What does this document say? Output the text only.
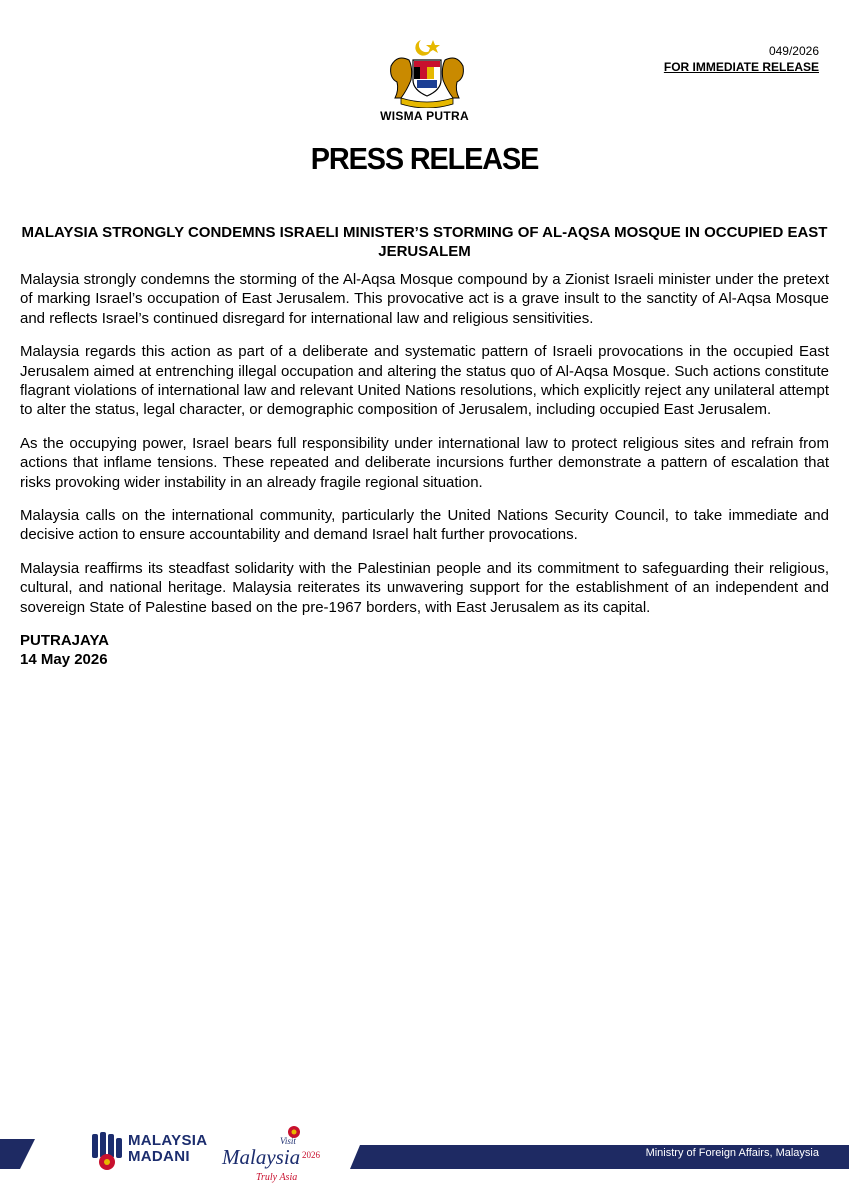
049/2026
FOR IMMEDIATE RELEASE
WISMA PUTRA
PRESS RELEASE
MALAYSIA STRONGLY CONDEMNS ISRAELI MINISTER’S STORMING OF AL-AQSA MOSQUE IN OCCUPIED EAST JERUSALEM

Malaysia strongly condemns the storming of the Al-Aqsa Mosque compound by a Zionist Israeli minister under the pretext of marking Israel’s occupation of East Jerusalem. This provocative act is a grave insult to the sanctity of Al-Aqsa Mosque and reflects Israel’s continued disregard for international law and religious sensitivities.

Malaysia regards this action as part of a deliberate and systematic pattern of Israeli provocations in the occupied East Jerusalem aimed at entrenching illegal occupation and altering the status quo of Al-Aqsa Mosque. Such actions constitute flagrant violations of international law and relevant United Nations resolutions, which explicitly reject any unilateral attempt to alter the status, legal character, or demographic composition of Jerusalem, including occupied East Jerusalem.

As the occupying power, Israel bears full responsibility under international law to protect religious sites and refrain from actions that inflame tensions. These repeated and deliberate incursions further demonstrate a pattern of escalation that risks provoking wider instability in an already fragile regional situation.

Malaysia calls on the international community, particularly the United Nations Security Council, to take immediate and decisive action to ensure accountability and demand Israel halt further provocations.

Malaysia reaffirms its steadfast solidarity with the Palestinian people and its commitment to safeguarding their religious, cultural, and national heritage. Malaysia reiterates its unwavering support for the establishment of an independent and sovereign State of Palestine based on the pre-1967 borders, with East Jerusalem as its capital.

PUTRAJAYA
14 May 2026
Ministry of Foreign Affairs, Malaysia
MALAYSIA
MADANI
Visit
Malaysia 2026
Truly Asia
